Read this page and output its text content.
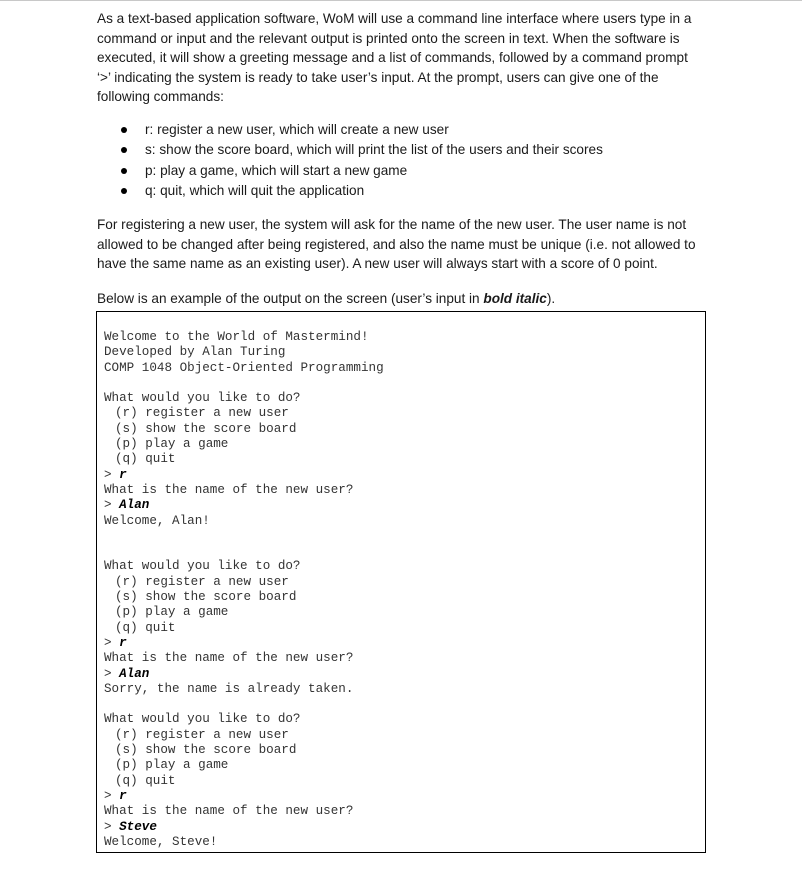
As a text-based application software, WoM will use a command line interface where users type in a
command or input and the relevant output is printed onto the screen in text. When the software is
executed, it will show a greeting message and a list of commands, followed by a command prompt
‘>’ indicating the system is ready to take user’s input. At the prompt, users can give one of the
following commands:
r: register a new user, which will create a new user
s: show the score board, which will print the list of the users and their scores
p: play a game, which will start a new game
q: quit, which will quit the application
For registering a new user, the system will ask for the name of the new user. The user name is not
allowed to be changed after being registered, and also the name must be unique (i.e. not allowed to
have the same name as an existing user). A new user will always start with a score of 0 point.
Below is an example of the output on the screen (user’s input in bold italic).
Welcome to the World of Mastermind!
Developed by Alan Turing
COMP 1048 Object-Oriented Programming
What would you like to do?
(r) register a new user
(s) show the score board
(p) play a game
(q) quit
> r
What is the name of the new user?
> Alan
Welcome, Alan!
What would you like to do?
(r) register a new user
(s) show the score board
(p) play a game
(q) quit
> r
What is the name of the new user?
> Alan
Sorry, the name is already taken.
What would you like to do?
(r) register a new user
(s) show the score board
(p) play a game
(q) quit
> r
What is the name of the new user?
> Steve
Welcome, Steve!
